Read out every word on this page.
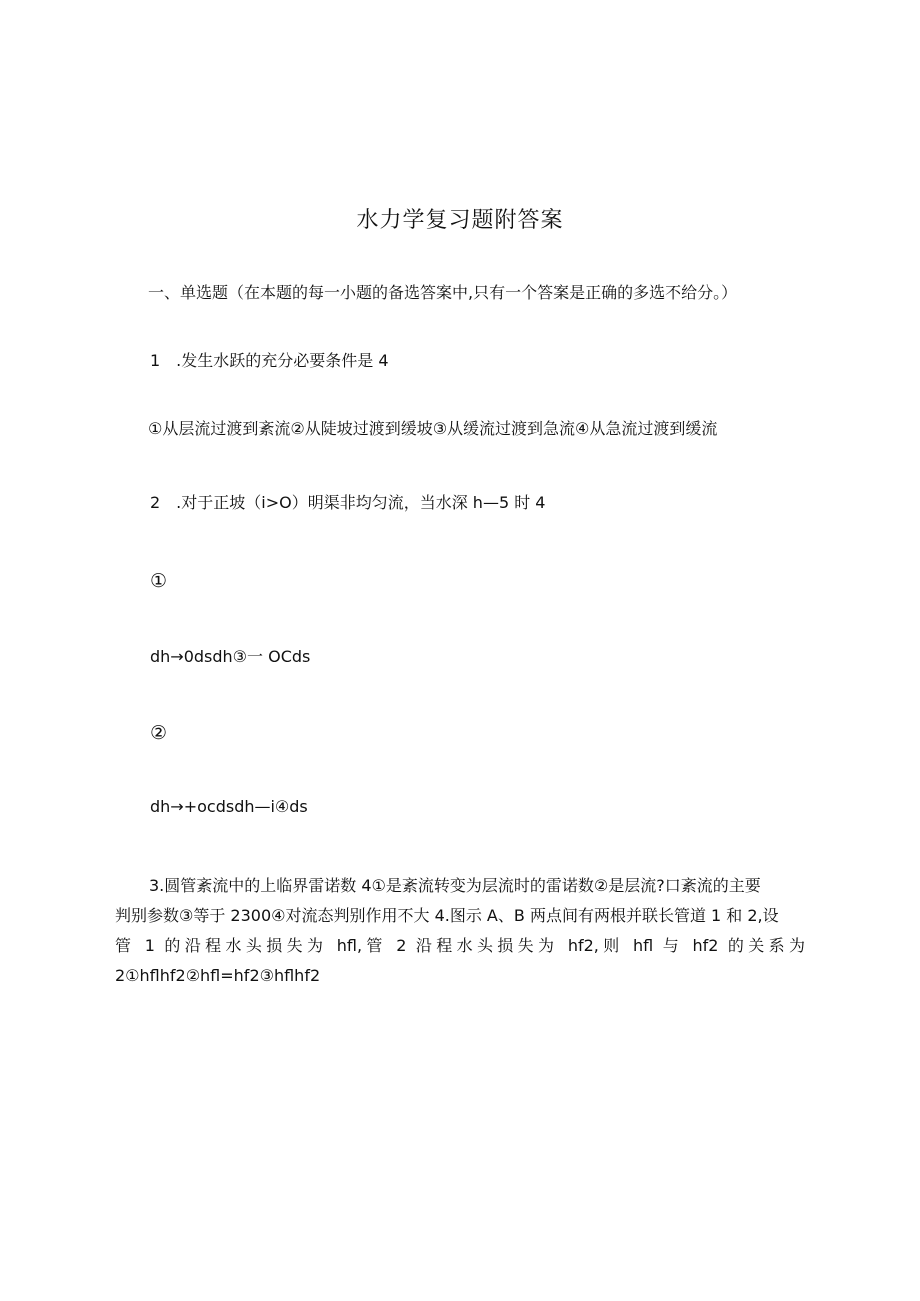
水力学复习题附答案
一、单选题（在本题的每一小题的备选答案中,只有一个答案是正确的多选不给分。）
1　.发生水跃的充分必要条件是 4
①从层流过渡到紊流②从陡坡过渡到缓坡③从缓流过渡到急流④从急流过渡到缓流
2　.对于正坡（i>O）明渠非均匀流，当水深 h—5 时 4
①
dh→0dsdh③一 OCds
②
dh→+ocdsdh—i④ds
3.圆管紊流中的上临界雷诺数 4①是紊流转变为层流时的雷诺数②是层流?口紊流的主要
判别参数③等于 2300④对流态判别作用不大 4.图示 A、B 两点间有两根并联长管道 1 和 2,设
管 1 的沿程水头损失为 hfl,管 2 沿程水头损失为 hf2,则 hfl 与 hf2 的关系为
2①hflhf2②hfl=hf2③hflhf2
